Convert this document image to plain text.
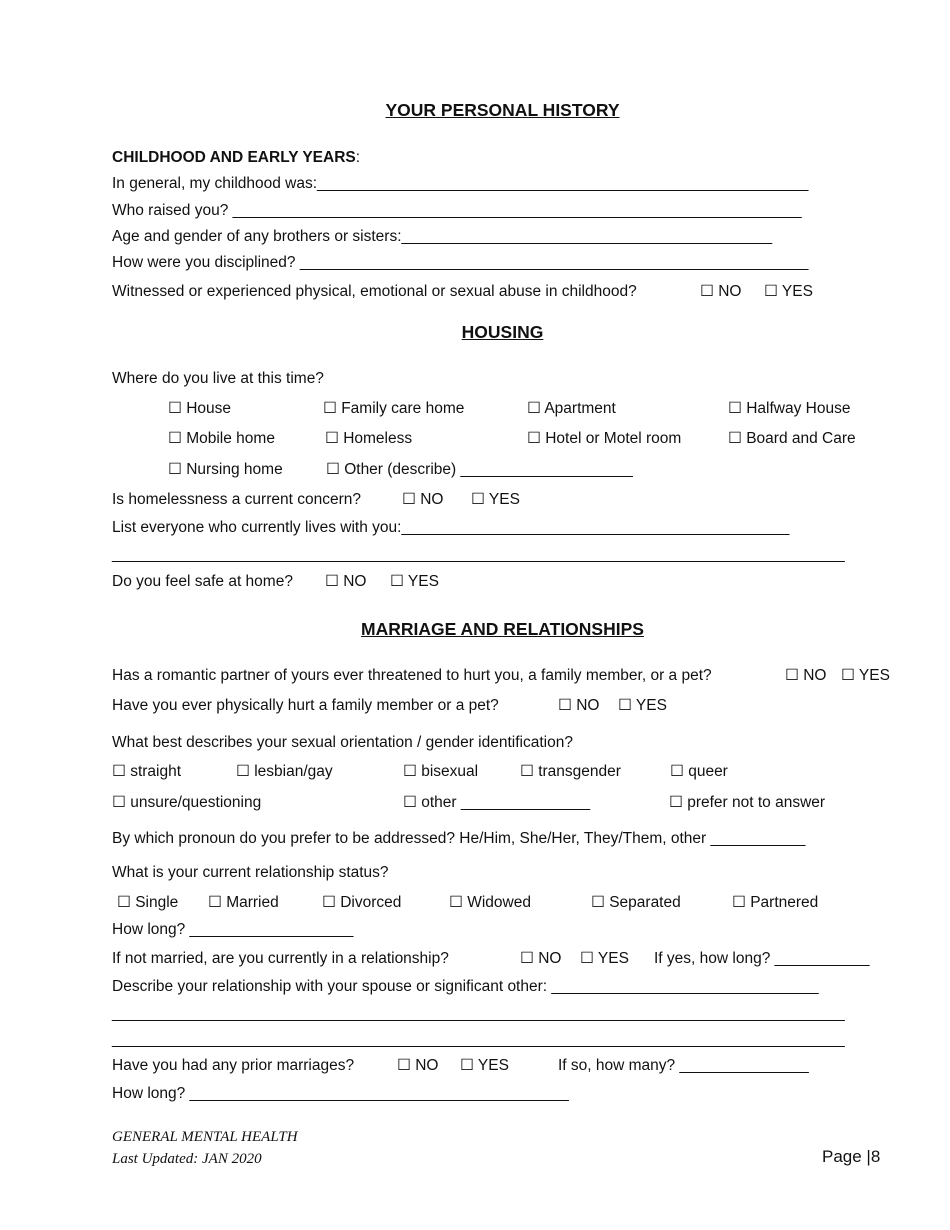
YOUR PERSONAL HISTORY
CHILDHOOD AND EARLY YEARS:
In general, my childhood was:_________________________________________________________
Who raised you? __________________________________________________________________
Age and gender of any brothers or sisters:___________________________________________
How were you disciplined? ___________________________________________________________
Witnessed or experienced physical, emotional or sexual abuse in childhood?	☐ NO ☐ YES
HOUSING
Where do you live at this time?
☐ House	☐ Family care home	☐ Apartment	☐ Halfway House
☐ Mobile home	☐ Homeless	☐ Hotel or Motel room	☐ Board and Care
☐ Nursing home	☐ Other (describe) ____________________
Is homelessness a current concern?	☐ NO ☐ YES
List everyone who currently lives with you:_____________________________________________
_____________________________________________________________________________________
Do you feel safe at home? ☐ NO ☐ YES
MARRIAGE AND RELATIONSHIPS
Has a romantic partner of yours ever threatened to hurt you, a family member, or a pet?	☐ NO ☐ YES
Have you ever physically hurt a family member or a pet?	☐ NO ☐ YES
What best describes your sexual orientation / gender identification?
☐ straight	☐ lesbian/gay	☐ bisexual	☐ transgender	☐ queer
☐ unsure/questioning	☐ other _______________	☐ prefer not to answer
By which pronoun do you prefer to be addressed? He/Him, She/Her, They/Them, other ___________
What is your current relationship status?
☐ Single ☐ Married	☐ Divorced	☐ Widowed	☐ Separated	☐ Partnered
How long? ___________________
If not married, are you currently in a relationship?	☐ NO ☐ YES If yes, how long? ___________
Describe your relationship with your spouse or significant other: _______________________________
_____________________________________________________________________________________
_____________________________________________________________________________________
Have you had any prior marriages?	☐ NO ☐ YES	If so, how many? _______________
How long? ____________________________________________
GENERAL MENTAL HEALTH
Last Updated: JAN 2020	Page |8
